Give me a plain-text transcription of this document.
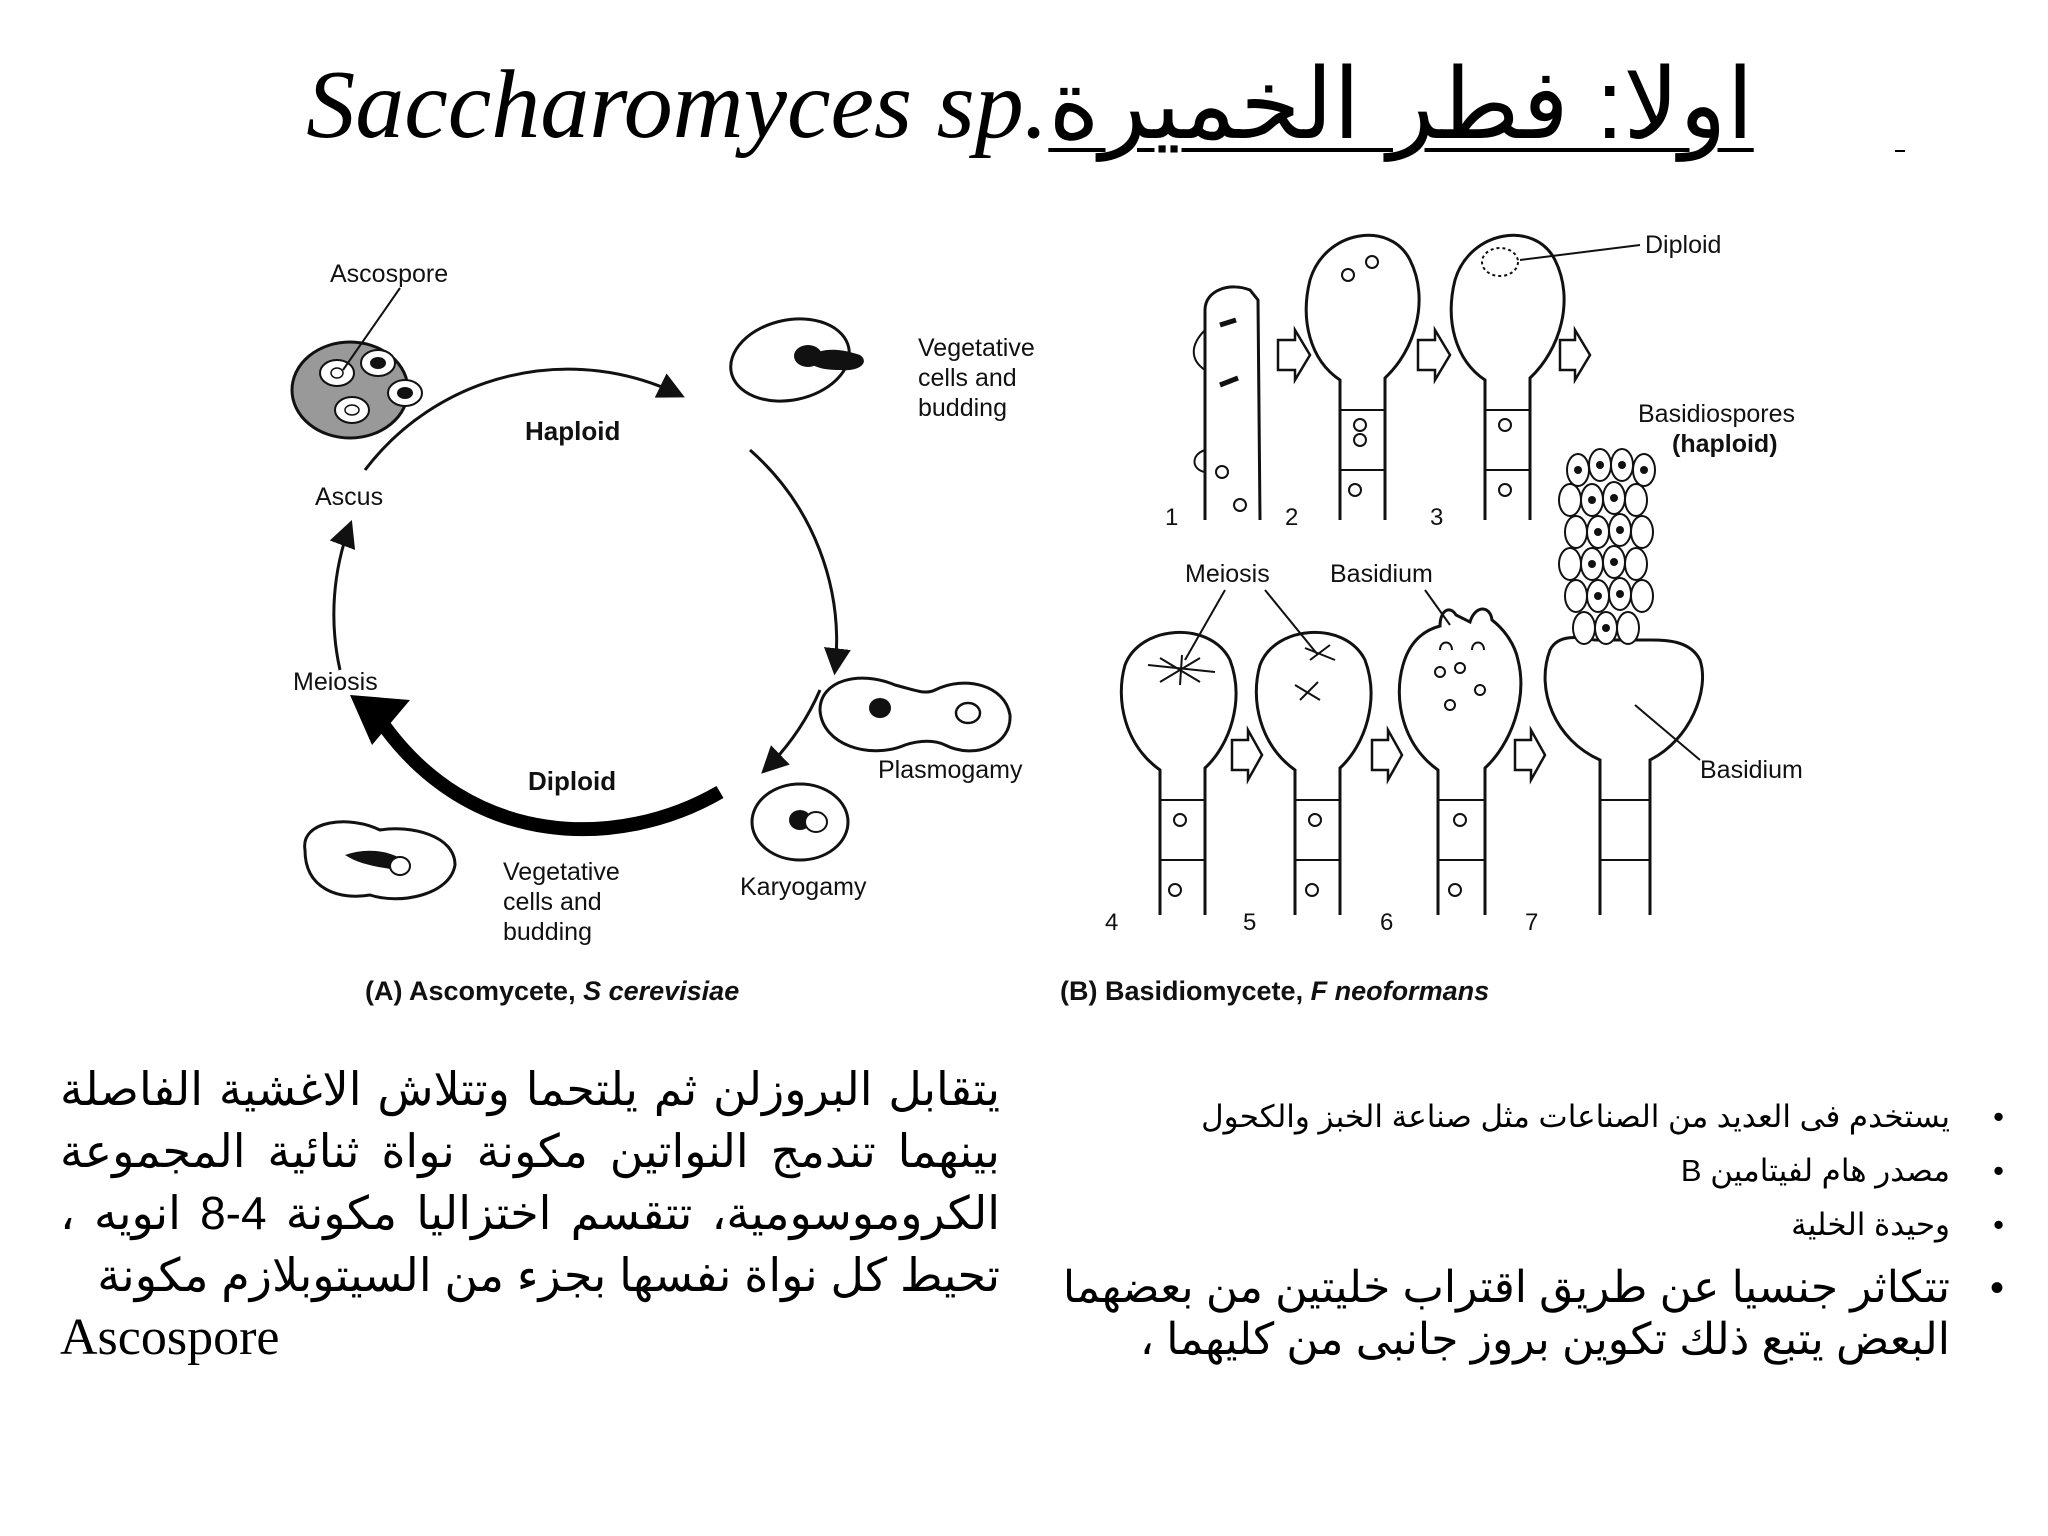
Saccharomyces sp. اولا: فطر الخميرة
Ascospore
Ascus
Meiosis
Haploid
Diploid
Vegetative
cells and
budding
Plasmogamy
Karyogamy
Vegetative
cells and
budding
(A) Ascomycete, S cerevisiae
Diploid
Basidiospores
(haploid)
Meiosis Basidium
Basidium
1	2	3
4	5	6	7
(B) Basidiomycete, F neoformans
يتقابل البروزلن ثم يلتحما وتتلاش الاغشية الفاصلة بينهما تندمج النواتين مكونة نواة ثنائية المجموعة الكروموسومية، تتقسم اختزاليا مكونة 4-8 انويه ، تحيط كل نواة نفسها بجزء من السيتوبلازم مكونة
Ascospore
•
يستخدم فى العديد من الصناعات مثل صناعة الخبز والكحول
•
مصدر هام لفيتامين B
•
وحيدة الخلية
•
تتكاثر جنسيا عن طريق اقتراب خليتين من بعضهما البعض يتبع ذلك تكوين بروز جانبى من كليهما ،
